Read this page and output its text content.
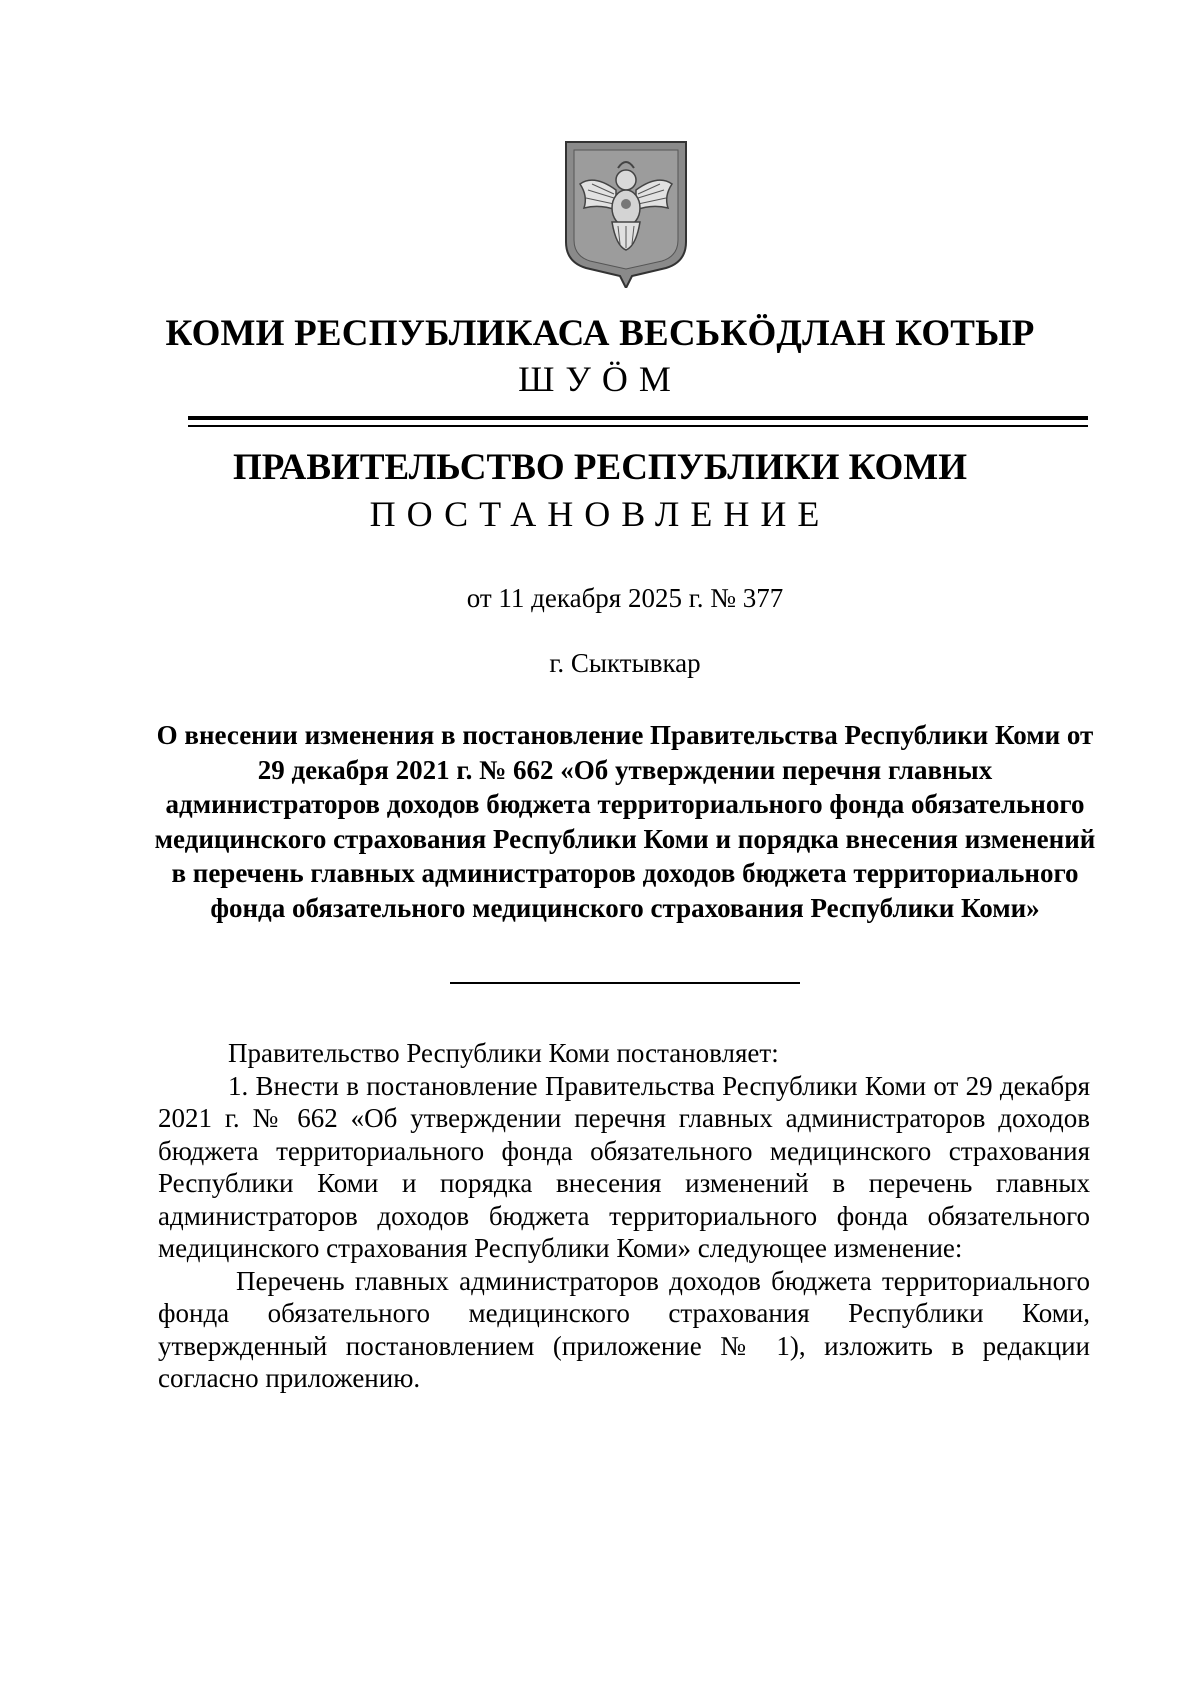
КОМИ РЕСПУБЛИКАСА ВЕСЬКӦДЛАН КОТЫР
ШУӦМ
ПРАВИТЕЛЬСТВО РЕСПУБЛИКИ КОМИ
ПОСТАНОВЛЕНИЕ
от 11 декабря 2025 г. № 377
г. Сыктывкар
О внесении изменения в постановление Правительства Республики Коми от 29 декабря 2021 г. № 662 «Об утверждении перечня главных администраторов доходов бюджета территориального фонда обязательного медицинского страхования Республики Коми и порядка внесения изменений в перечень главных администраторов доходов бюджета территориального фонда обязательного медицинского страхования Республики Коми»

Правительство Республики Коми постановляет:

1. Внести в постановление Правительства Республики Коми от 29 декабря 2021 г. № 662 «Об утверждении перечня главных администраторов доходов бюджета территориального фонда обязательного медицинского страхования Республики Коми и порядка внесения изменений в перечень главных администраторов доходов бюджета территориального фонда обязательного медицинского страхования Республики Коми» следующее изменение:

Перечень главных администраторов доходов бюджета территориального фонда обязательного медицинского страхования Республики Коми, утвержденный постановлением (приложение № 1), изложить в редакции согласно приложению.
